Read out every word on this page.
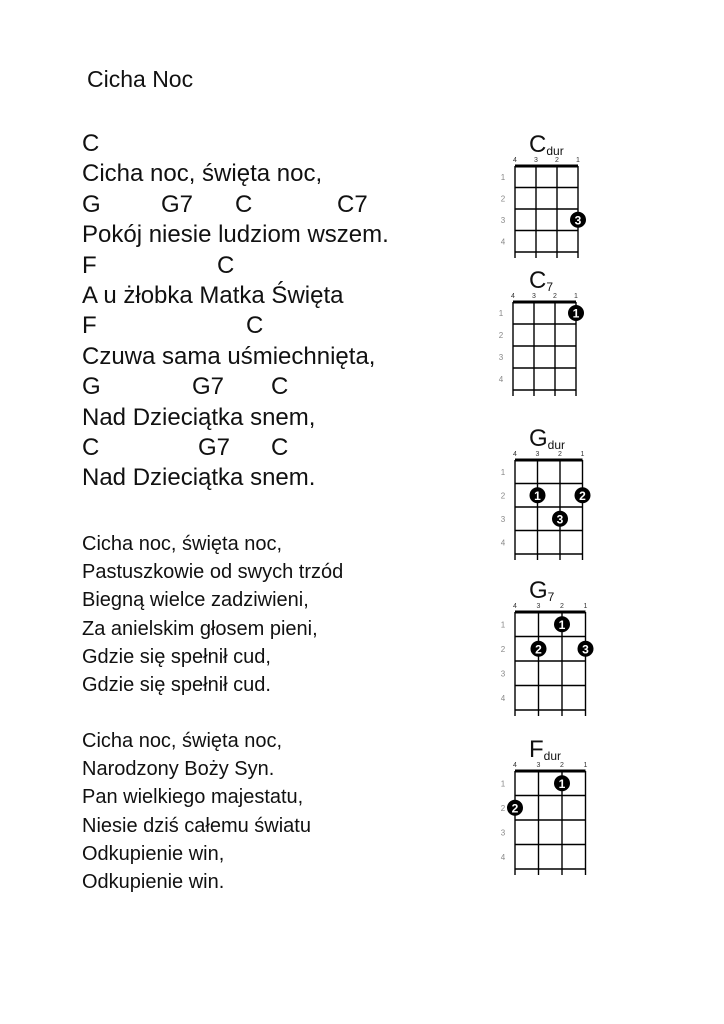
Cicha Noc

C

Cicha noc, święta noc,

G

	G7

C

	C7

Pokój niesie ludziom wszem.

F

	C

A u żłobka Matka Święta

F

	C

Czuwa sama uśmiechnięta,

G

	G7

C

Nad Dzieciątka snem,

C

	G7

C

Nad Dzieciątka snem.
Cicha noc, święta noc,
Pastuszkowie od swych trzód
Biegną wielce zadziwieni,
Za anielskim głosem pieni,
Gdzie się spełnił cud,
Gdzie się spełnił cud.
Cicha noc, święta noc,
Narodzony Boży Syn.
Pan wielkiego majestatu,
Niesie dziś całemu światu
Odkupienie win,
Odkupienie win.
Cdur
4 3 2 1
1
2
3
4
3
C7
4 3 2 1
1
2
3
4
1
Gdur
4	3	2	1
1
2
3
4
1	2
3
G7
4	3	2	1
1
2
3
4
1
2	3
Fdur
4	3	2	1
1
2
3
4
1
2
